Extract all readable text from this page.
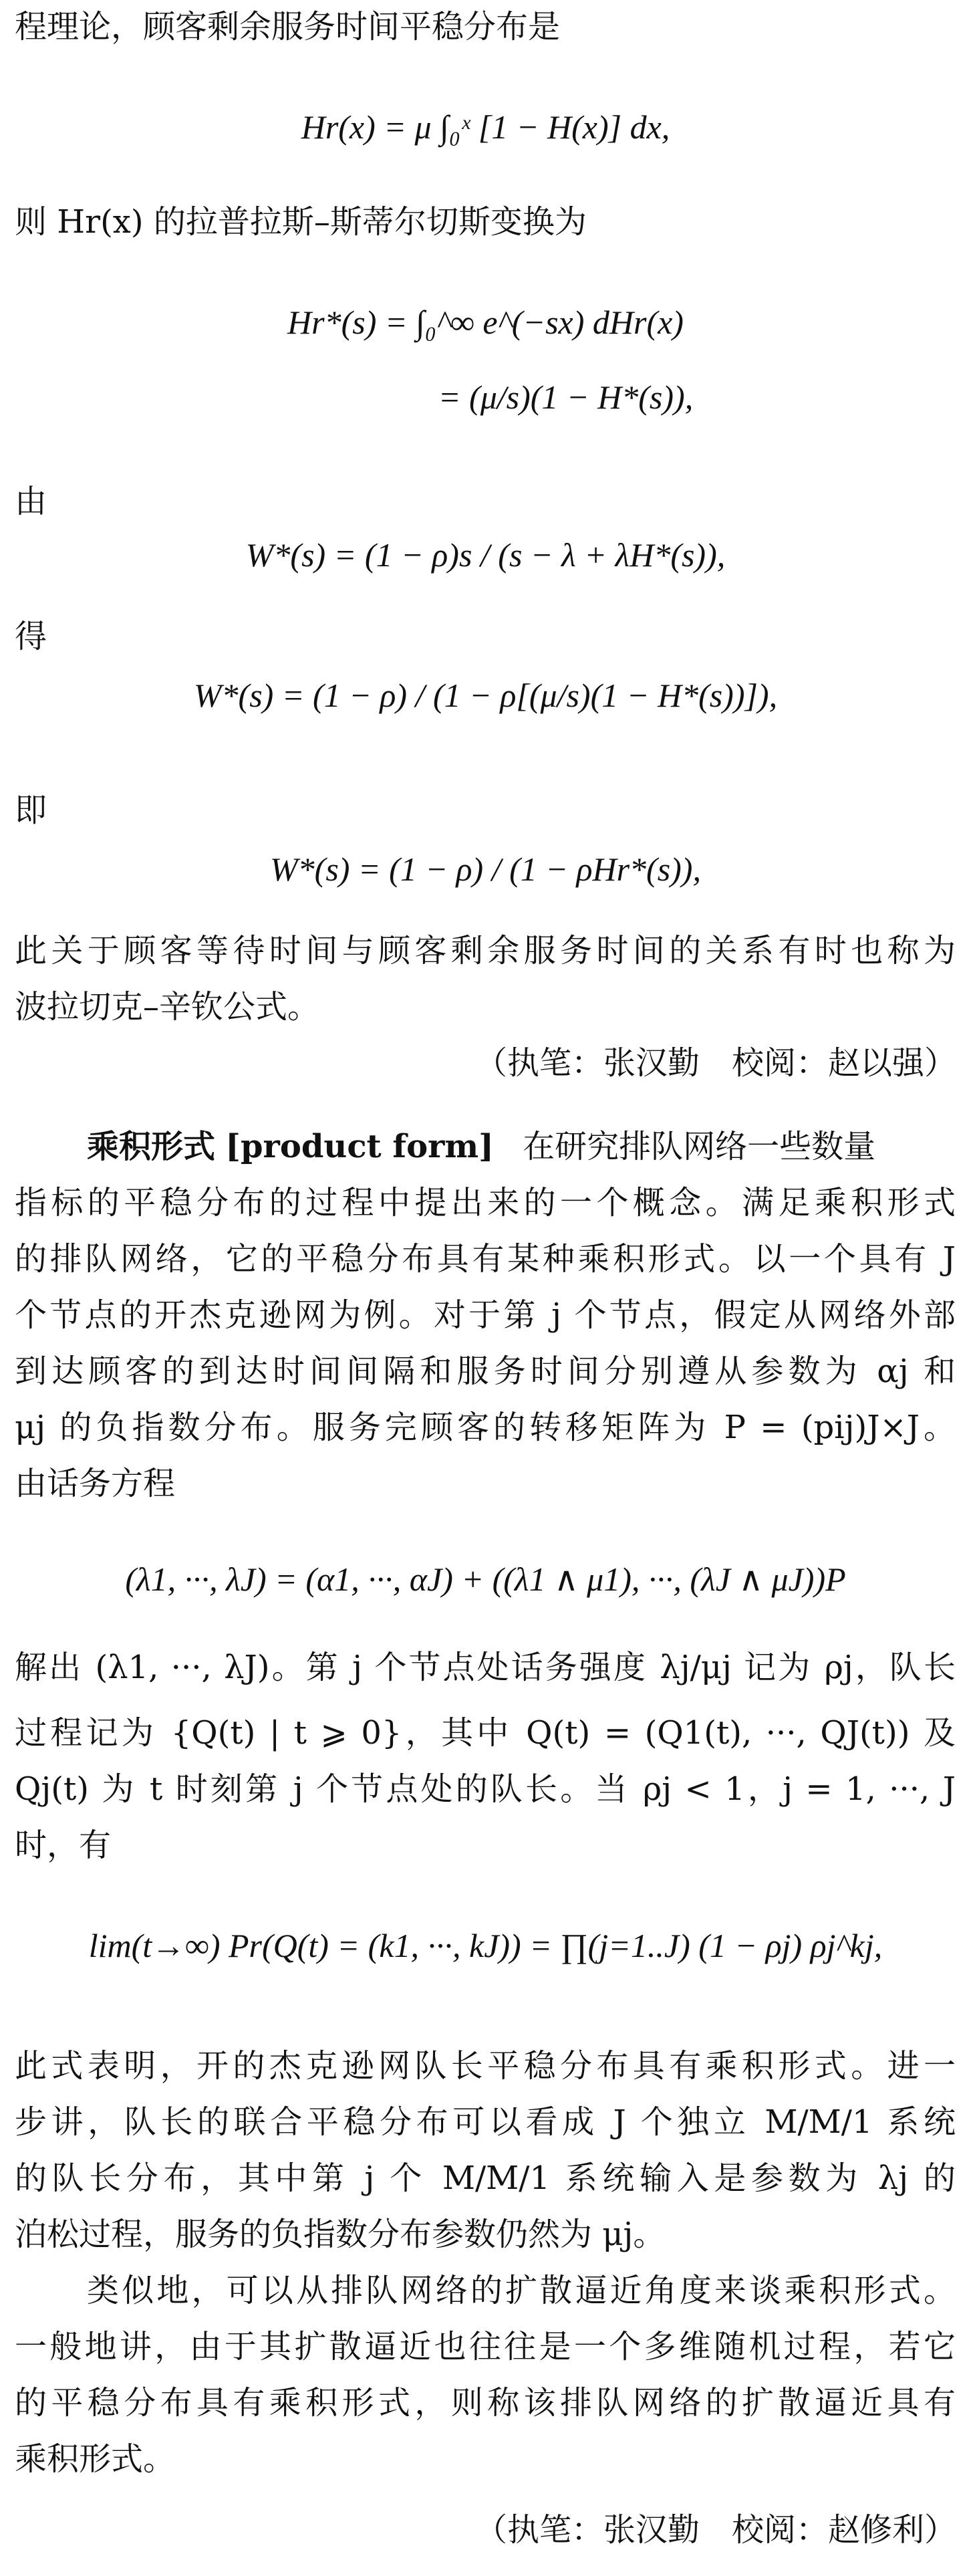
程理论，顾客剩余服务时间平稳分布是
Hr(x) = μ ∫₀ˣ [1 − H(x)] dx,
则 Hr(x) 的拉普拉斯–斯蒂尔切斯变换为
Hr*(s) = ∫₀^∞ e^(−sx) dHr(x)
= (μ/s)(1 − H*(s)),
由
W*(s) = (1 − ρ)s / (s − λ + λH*(s)),
得
W*(s) = (1 − ρ) / (1 − ρ[(μ/s)(1 − H*(s))]),
即
W*(s) = (1 − ρ) / (1 − ρHr*(s)),
此关于顾客等待时间与顾客剩余服务时间的关系有时也称为
波拉切克–辛钦公式。
（执笔：张汉勤　校阅：赵以强）
乘积形式 [product form] 在研究排队网络一些数量
指标的平稳分布的过程中提出来的一个概念。满足乘积形式
的排队网络，它的平稳分布具有某种乘积形式。以一个具有 J
个节点的开杰克逊网为例。对于第 j 个节点，假定从网络外部
到达顾客的到达时间间隔和服务时间分别遵从参数为 αj 和
μj 的负指数分布。服务完顾客的转移矩阵为 P = (pij)J×J。
由话务方程
(λ1, ···, λJ) = (α1, ···, αJ) + ((λ1 ∧ μ1), ···, (λJ ∧ μJ))P
解出 (λ1, ···, λJ)。第 j 个节点处话务强度 λj/μj 记为 ρj，队长
过程记为 {Q(t) | t ⩾ 0}，其中 Q(t) = (Q1(t), ···, QJ(t)) 及
Qj(t) 为 t 时刻第 j 个节点处的队长。当 ρj < 1，j = 1, ···, J
时，有
lim(t→∞) Pr(Q(t) = (k1, ···, kJ)) = ∏(j=1..J) (1 − ρj) ρj^kj,
此式表明，开的杰克逊网队长平稳分布具有乘积形式。进一
步讲，队长的联合平稳分布可以看成 J 个独立 M/M/1 系统
的队长分布，其中第 j 个 M/M/1 系统输入是参数为 λj 的
泊松过程，服务的负指数分布参数仍然为 μj。
类似地，可以从排队网络的扩散逼近角度来谈乘积形式。
一般地讲，由于其扩散逼近也往往是一个多维随机过程，若它
的平稳分布具有乘积形式，则称该排队网络的扩散逼近具有
乘积形式。
（执笔：张汉勤　校阅：赵修利）
